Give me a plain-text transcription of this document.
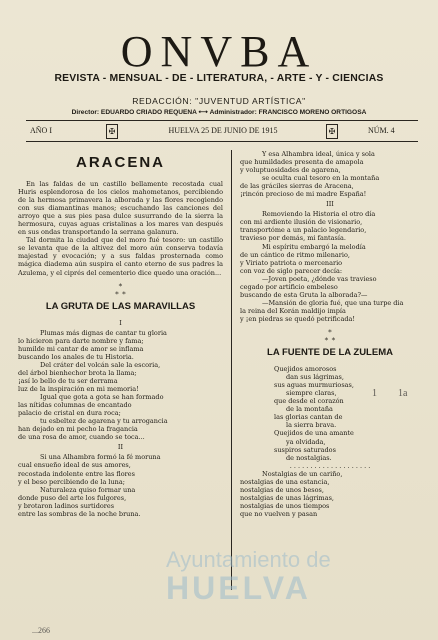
ONVBA
REVISTA - MENSUAL - DE - LITERATURA, - ARTE - Y - CIENCIAS
REDACCIÓN: "JUVENTUD ARTÍSTICA"
Director: EDUARDO CRIADO REQUENA ⟷ Administrador: FRANCISCO MORENO ORTIGOSA
AÑO I	✠	HUELVA 25 DE JUNIO DE 1915	✠	NÚM. 4
ARACENA

En las faldas de un castillo bellamente recostada cual Huris esplendorosa de los cielos mahometanos, percibiendo de la hermosa primavera la alborada y las flores recogiendo con sus diamantinas manos; escuchando las canciones del arroyo que a sus pies pasa dulce susurrando de la sierra la hermosura, cuyas aguas cristalinas a los mares van después en sus ondas transportando la serrana galanura.

Tal dormita la ciudad que del moro fué tesoro: un castillo se levanta que de la altivez del moro aún conserva todavía majestad y evocación; y a sus faldas prosternada como mágica diadema aún suspira el canto eterno de sus padres la Azulema, y el ciprés del cementerio dice quedo una oración...

∗
∗ ∗
LA GRUTA DE LAS MARAVILLAS
I
Plumas más dignas de cantar tu gloria
lo hicieron para darte nombre y fama;
humilde mi cantar de amor se inflama
buscando los anales de tu Historia.
Del cráter del volcán sale la escoria,
del árbol bienhechor brota la llama;
¡así lo bello de tu ser derrama
luz de la inspiración en mi memoria!
Igual que gota a gota se han formado
las nítidas columnas de encantado
palacio de cristal en dura roca;
tu esbeltez de agarena y tu arrogancia
han dejado en mi pecho la fragancia
de una rosa de amor, cuando se toca...
II
Si una Alhambra formó la fé moruna
cual ensueño ideal de sus amores,
recostada indolente entre las flores
y el beso percibiendo de la luna;
Naturaleza quiso formar una
donde puso del arte los fulgores,
y brotaron ladinos surtidores
entre las sombras de la noche bruna.
Y esa Alhambra ideal, única y sola
que humildades presenta de amapola
y voluptuosidades de agarena,
se oculta cual tesoro en la montaña
de las gráciles sierras de Aracena,
¡rincón precioso de mi madre España!
III
Removiendo la Historia el otro día
con mi ardiente ilusión de visionario,
transportóme a un palacio legendario,
travieso por demás, mi fantasía.
Mi espíritu embargó la melodía
de un cántico de ritmo milenario,
y Viriato patriota o mercenario
con voz de siglo parecer decía:
—Joven poeta, ¿dónde vas travieso
cegado por artificio embeleso
buscando de esta Gruta la alborada?—
—Mansión de gloria fué, que una turpe dia
la reina del Korán maldijo impía
y ¡en piedras se quedó petrificada!
∗
∗ ∗
LA FUENTE DE LA ZULEMA
Quejidos amorosos
dan sus lágrimas,
sus aguas murmuriosas,
siempre claras,
que desde el corazón
de la montaña
las glorias cantan de
la sierra brava.
Quejidos de una amante
ya olvidada,
suspiros saturados
de nostalgias.
. . . . . . . . . . . . . . . . . . . .
Nostalgias de un cariño,
nostalgias de una estancia,
nostalgias de unos besos,
nostalgias de unas lágrimas,
nostalgias de unos tiempos
que no vuelven y pasan
Ayuntamiento de
HUELVA
1 1a
...266
